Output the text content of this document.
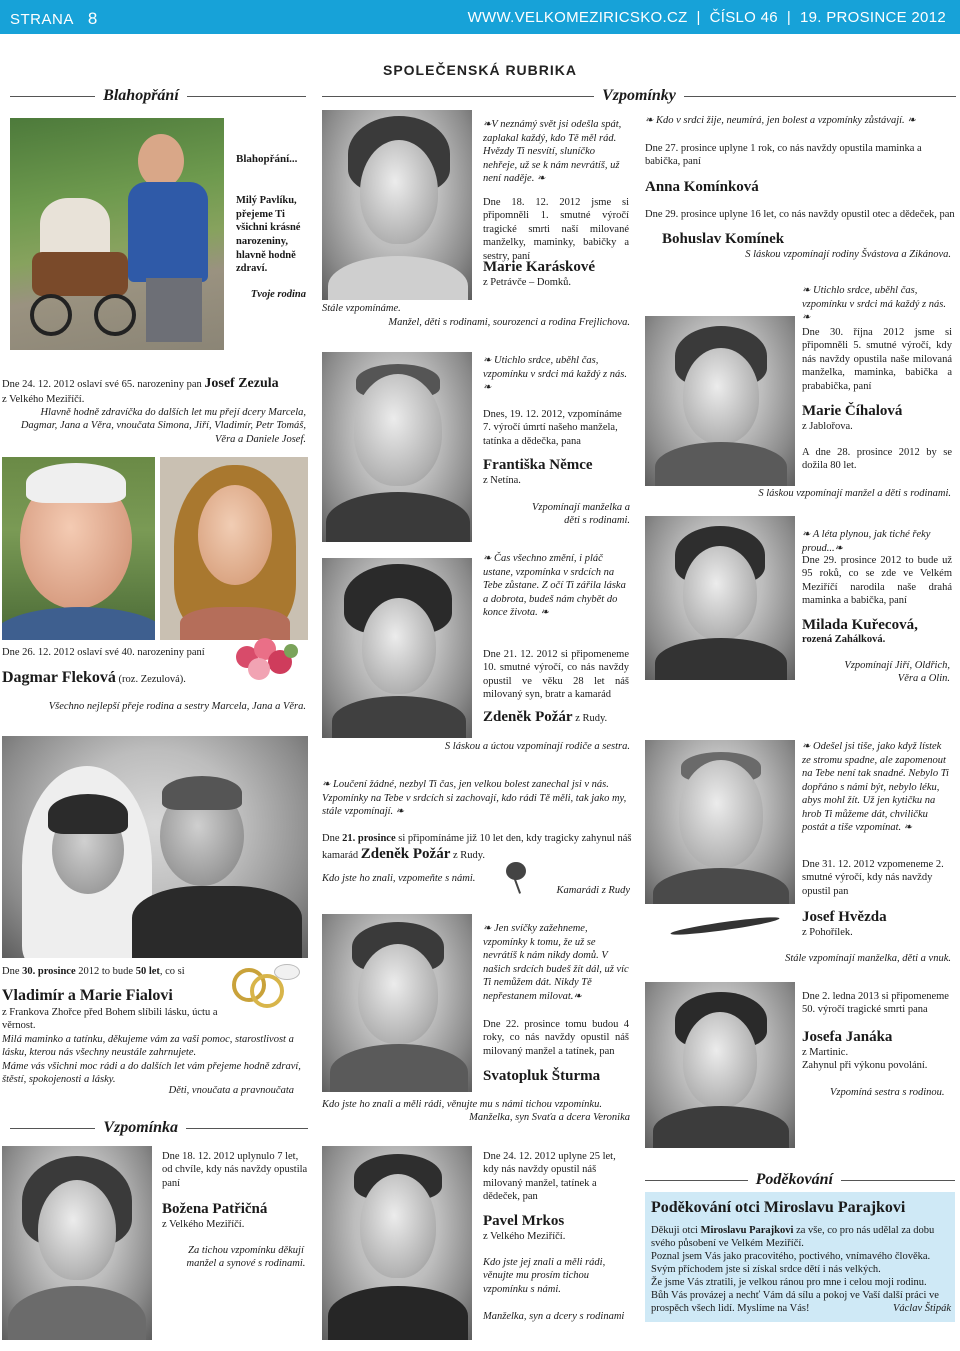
STRANA 8	WWW.VELKOMEZIRICSKO.CZ | ČÍSLO 46 | 19. PROSINCE 2012
SPOLEČENSKÁ RUBRIKA
Blahopřání
Blahopřání...
Milý Pavlíku, přejeme Ti všichni krásné narozeniny, hlavně hodně zdraví.
Tvoje rodina
Dne 24. 12. 2012 oslaví své 65. narozeniny pan Josef Zezula
z Velkého Meziříčí.
Hlavně hodně zdravíčka do dalších let mu přejí dcery Marcela, Dagmar, Jana a Věra, vnoučata Simona, Jiří, Vladimír, Petr Tomáš, Věra a Daniele Josef.
Dne 26. 12. 2012 oslaví své 40. narozeniny paní
Dagmar Fleková (roz. Zezulová).
Všechno nejlepší přeje rodina a sestry Marcela, Jana a Věra.
Dne 30. prosince 2012 to bude 50 let, co si
Vladimír a Marie Fialovi
z Frankova Zhořce před Bohem slíbili lásku, úctu a věrnost.
Milá maminko a tatínku, děkujeme vám za vaši pomoc, starostlivost a lásku, kterou nás všechny neustále zahrnujete.
Máme vás všichni moc rádi a do dalších let vám přejeme hodně zdraví, štěstí, spokojenosti a lásky.
Děti, vnoučata a pravnoučata
Vzpomínka
Dne 18. 12. 2012 uplynulo 7 let, od chvíle, kdy nás navždy opustila paní
Božena Patřičná
z Velkého Meziříčí.
Za tichou vzpomínku děkují manžel a synové s rodinami.
Vzpomínky
❧V neznámý svět jsi odešla spát, zaplakal každý, kdo Tě měl rád. Hvězdy Ti nesvítí, sluníčko nehřeje, už se k nám nevrátíš, už není naděje. ❧
Dne 18. 12. 2012 jsme si připomněli 1. smutné výročí tragické smrti naší milované manželky, maminky, babičky a sestry, paní
Marie Karáskové
z Petrávče – Domků.
Stále vzpomínáme.
Manžel, děti s rodinami, sourozenci a rodina Frejlichova.
❧ Utichlo srdce, uběhl čas, vzpomínku v srdci má každý z nás. ❧
Dnes, 19. 12. 2012, vzpomínáme 7. výročí úmrtí našeho manžela, tatínka a dědečka, pana
Františka Němce
z Netína.
Vzpomínají manželka a děti s rodinami.
❧ Čas všechno změní, i pláč ustane, vzpomínka v srdcích na Tebe zůstane. Z očí Ti zářila láska a dobrota, budeš nám chybět do konce života. ❧
Dne 21. 12. 2012 si připomeneme 10. smutné výročí, co nás navždy opustil ve věku 28 let náš milovaný syn, bratr a kamarád
Zdeněk Požár z Rudy.
S láskou a úctou vzpomínají rodiče a sestra.
❧ Loučení žádné, nezbyl Ti čas, jen velkou bolest zanechal jsi v nás. Vzpomínky na Tebe v srdcích si zachovají, kdo rádi Tě měli, tak jako my, stále vzpomínají. ❧
Dne 21. prosince si připomínáme již 10 let den, kdy tragicky zahynul náš kamarád Zdeněk Požár z Rudy.
Kdo jste ho znali, vzpomeňte s námi.
Kamarádi z Rudy
❧ Jen svíčky zažehneme, vzpomínky k tomu, že už se nevrátíš k nám nikdy domů. V našich srdcích budeš žít dál, už víc Ti nemůžem dát. Nikdy Tě nepřestanem milovat.❧
Dne 22. prosince tomu budou 4 roky, co nás navždy opustil náš milovaný manžel a tatínek, pan
Svatopluk Šturma
Kdo jste ho znali a měli rádi, věnujte mu s námi tichou vzpomínku.
Manželka, syn Svaťa a dcera Veronika
Dne 24. 12. 2012 uplyne 25 let, kdy nás navždy opustil náš milovaný manžel, tatínek a dědeček, pan
Pavel Mrkos
z Velkého Meziříčí.
Kdo jste jej znali a měli rádi, věnujte mu prosím tichou vzpomínku s námi.
Manželka, syn a dcery s rodinami
❧ Kdo v srdci žije, neumírá, jen bolest a vzpomínky zůstávají. ❧
Dne 27. prosince uplyne 1 rok, co nás navždy opustila maminka a babička, paní
Anna Komínková
Dne 29. prosince uplyne 16 let, co nás navždy opustil otec a dědeček, pan
Bohuslav Komínek
S láskou vzpomínají rodiny Švástova a Zikánova.
❧ Utichlo srdce, uběhl čas, vzpomínku v srdci má každý z nás.❧
Dne 30. října 2012 jsme si připomněli 5. smutné výročí, kdy nás navždy opustila naše milovaná manželka, maminka, babička a prababička, paní
Marie Číhalová
z Jablořova.
A dne 28. prosince 2012 by se dožila 80 let.
S láskou vzpomínají manžel a děti s rodinami.
❧ A léta plynou, jak tiché řeky proud...❧
Dne 29. prosince 2012 to bude už 95 roků, co se zde ve Velkém Meziříčí narodila naše drahá maminka a babička, paní
Milada Kuřecová,
rozená Zahálková.
Vzpomínají Jiří, Oldřich, Věra a Olin.
❧ Odešel jsi tiše, jako když lístek ze stromu spadne, ale zapomenout na Tebe není tak snadné. Nebylo Ti dopřáno s námi být, nebylo léku, abys mohl žít. Už jen kytičku na hrob Ti můžeme dát, chviličku postát a tiše vzpomínat. ❧
Dne 31. 12. 2012 vzpomeneme 2. smutné výročí, kdy nás navždy opustil pan
Josef Hvězda
z Pohořílek.
Stále vzpomínají manželka, děti a vnuk.
Dne 2. ledna 2013 si připomeneme 50. výročí tragické smrti pana
Josefa Janáka
z Martinic.
Zahynul při výkonu povolání.
Vzpomíná sestra s rodinou.
Poděkování
Poděkování otci Miroslavu Parajkovi
Děkuji otci Miroslavu Parajkovi za vše, co pro nás udělal za dobu svého působení ve Velkém Meziříčí.
Poznal jsem Vás jako pracovitého, poctivého, vnímavého člověka. Svým příchodem jste si získal srdce dětí i nás velkých.
Že jsme Vás ztratili, je velkou ránou pro mne i celou moji rodinu.
Bůh Vás provázej a nechť Vám dá sílu a pokoj ve Vaší další práci ve prospěch všech lidí. Myslíme na Vás!	Václav Štipák
